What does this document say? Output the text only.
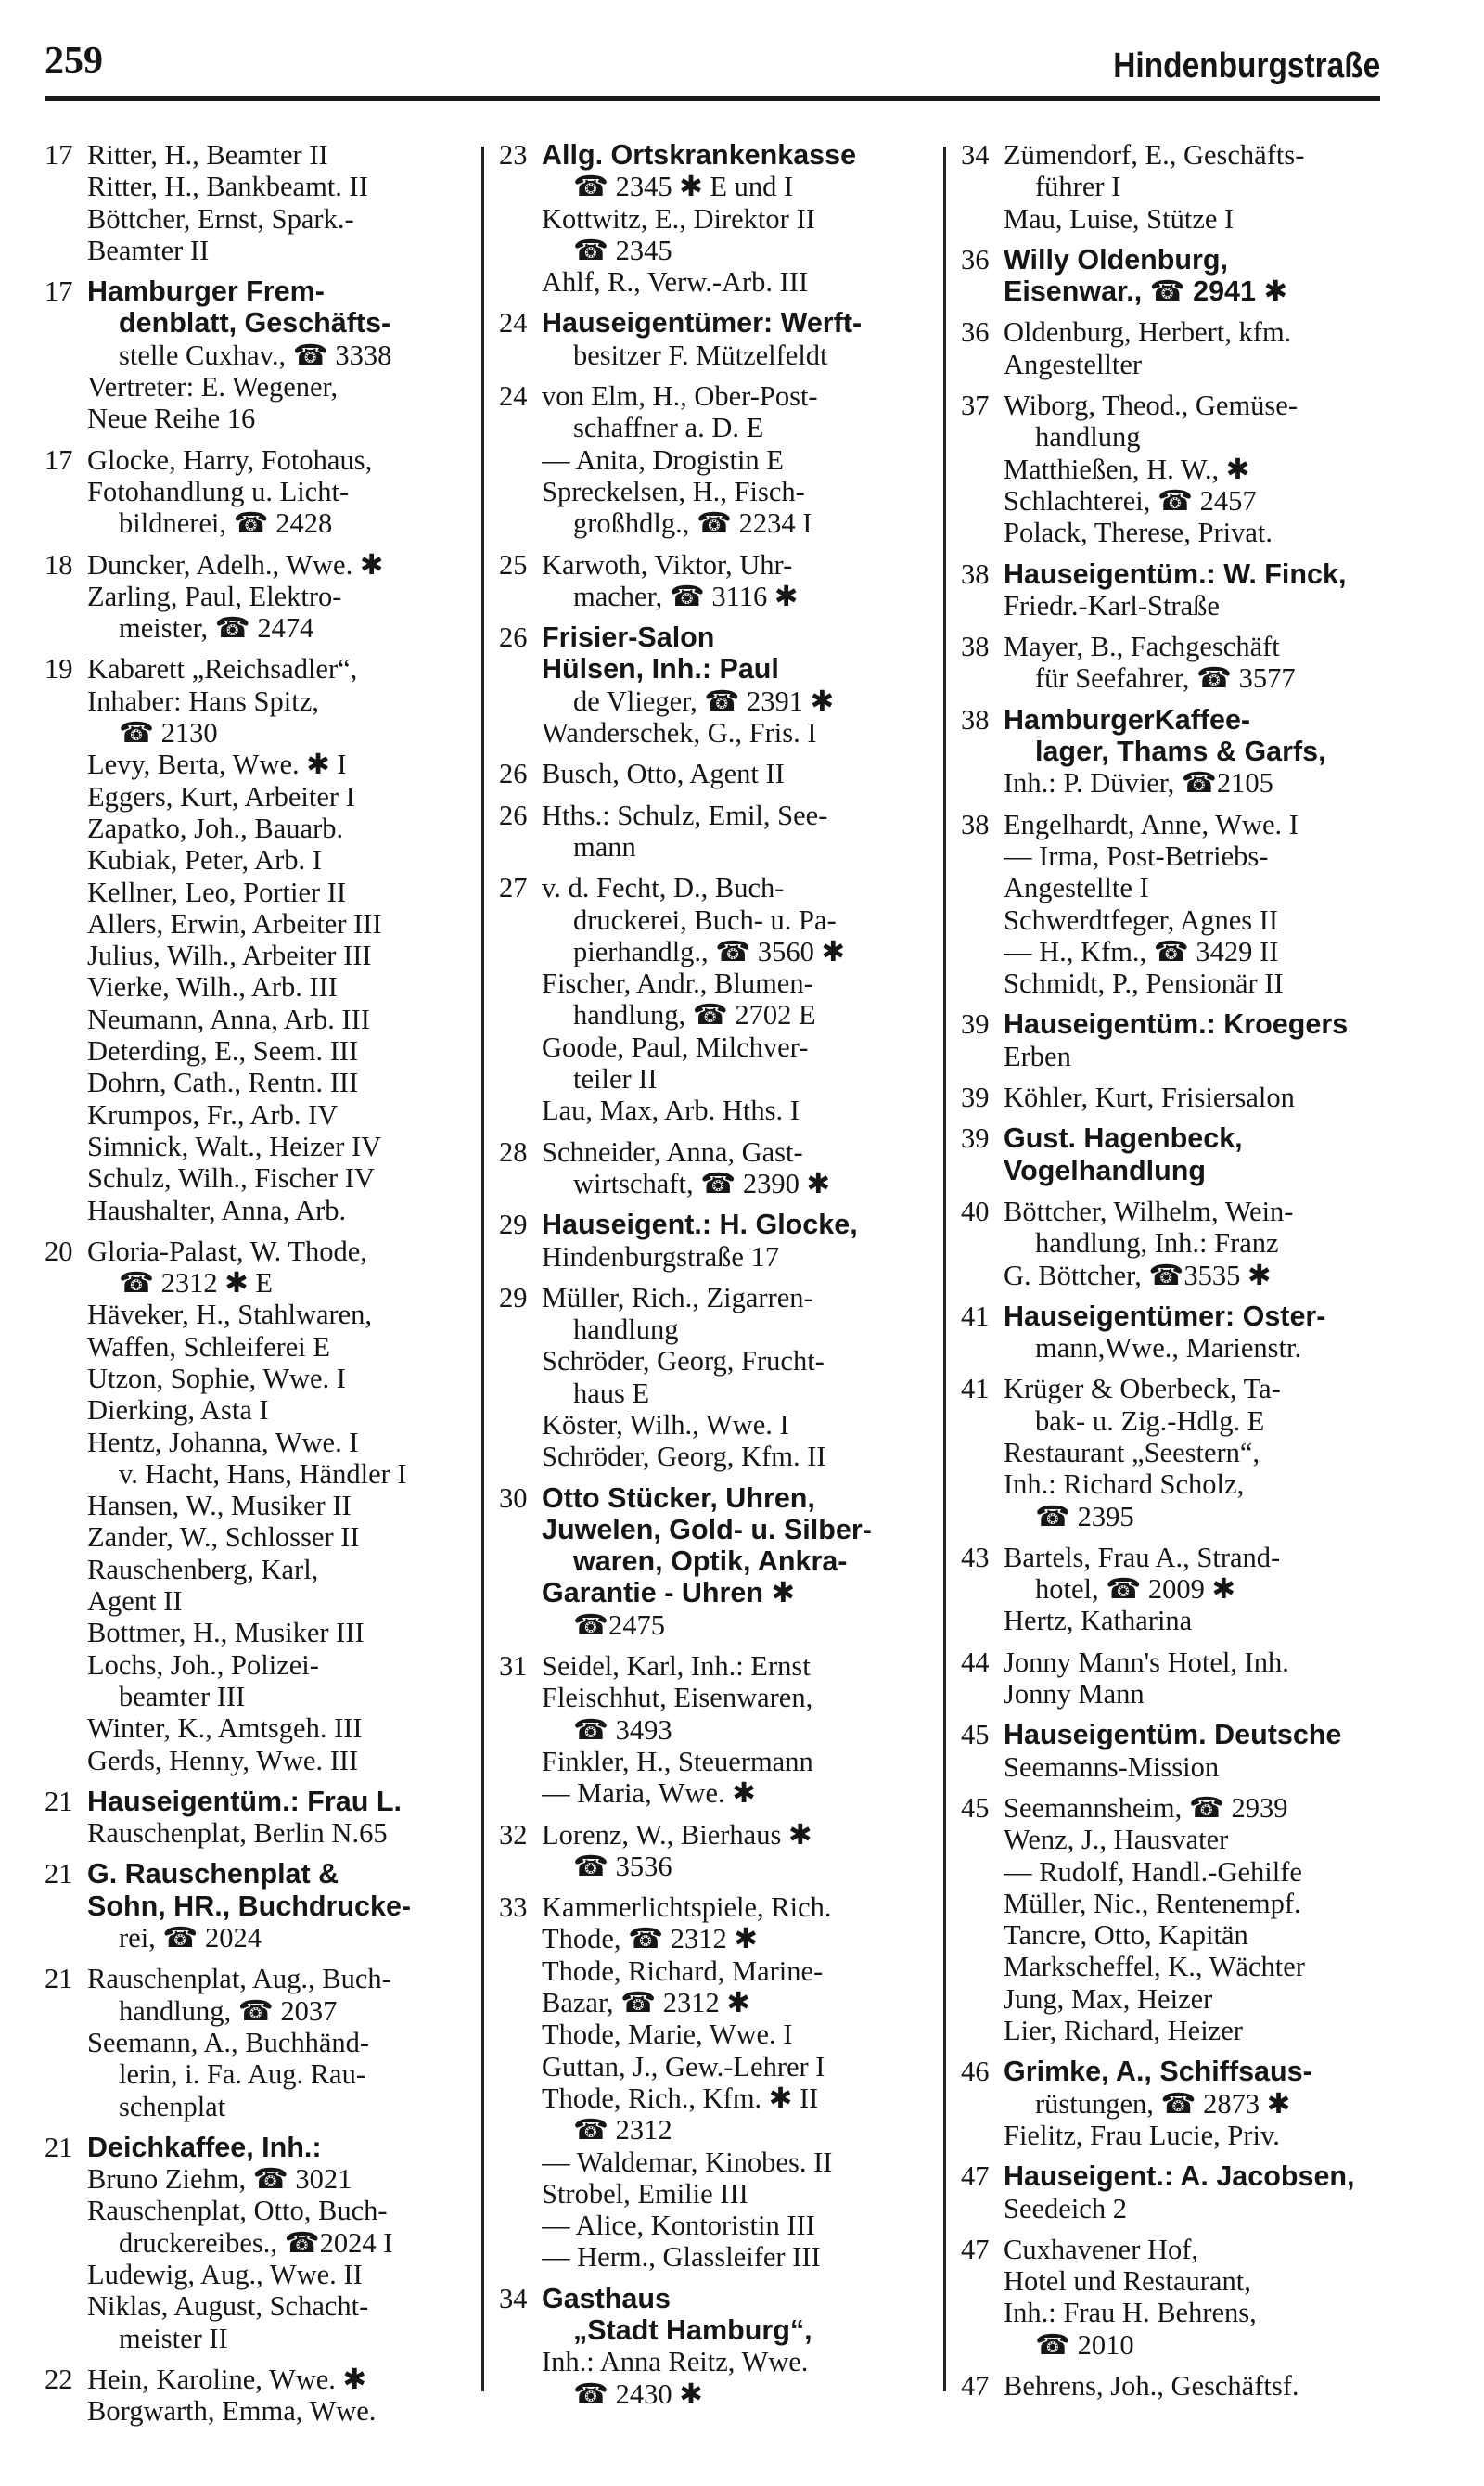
259	Hindenburgstraße
17 Ritter, H., Beamter II
Ritter, H., Bankbeamt. II
Böttcher, Ernst, Spark.-
Beamter II
17 Hamburger Frem-
denblatt, Geschäfts-
stelle Cuxhav., ☎ 3338
Vertreter: E. Wegener,
Neue Reihe 16
17 Glocke, Harry, Fotohaus,
Fotohandlung u. Licht-
bildnerei, ☎ 2428
18 Duncker, Adelh., Wwe. ✱
Zarling, Paul, Elektro-
meister, ☎ 2474
19 Kabarett „Reichsadler“,
Inhaber: Hans Spitz,
☎ 2130
Levy, Berta, Wwe. ✱ I
Eggers, Kurt, Arbeiter I
Zapatko, Joh., Bauarb.
Kubiak, Peter, Arb. I
Kellner, Leo, Portier II
Allers, Erwin, Arbeiter III
Julius, Wilh., Arbeiter III
Vierke, Wilh., Arb. III
Neumann, Anna, Arb. III
Deterding, E., Seem. III
Dohrn, Cath., Rentn. III
Krumpos, Fr., Arb. IV
Simnick, Walt., Heizer IV
Schulz, Wilh., Fischer IV
Haushalter, Anna, Arb.
20 Gloria-Palast, W. Thode,
☎ 2312 ✱ E
Häveker, H., Stahlwaren,
Waffen, Schleiferei E
Utzon, Sophie, Wwe. I
Dierking, Asta I
Hentz, Johanna, Wwe. I
v. Hacht, Hans, Händler I
Hansen, W., Musiker II
Zander, W., Schlosser II
Rauschenberg, Karl,
Agent II
Bottmer, H., Musiker III
Lochs, Joh., Polizei-
beamter III
Winter, K., Amtsgeh. III
Gerds, Henny, Wwe. III
21 Hauseigentüm.: Frau L.
Rauschenplat, Berlin N.65
21 G. Rauschenplat &
Sohn, HR., Buchdrucke-
rei, ☎ 2024
21 Rauschenplat, Aug., Buch-
handlung, ☎ 2037
Seemann, A., Buchhänd-
lerin, i. Fa. Aug. Rau-
schenplat
21 Deichkaffee, Inh.:
Bruno Ziehm, ☎ 3021
Rauschenplat, Otto, Buch-
druckereibes., ☎2024 I
Ludewig, Aug., Wwe. II
Niklas, August, Schacht-
meister II
22 Hein, Karoline, Wwe. ✱
Borgwarth, Emma, Wwe.
23 Allg. Ortskrankenkasse
☎ 2345 ✱ E und I
Kottwitz, E., Direktor II
☎ 2345
Ahlf, R., Verw.-Arb. III
24 Hauseigentümer: Werft-
besitzer F. Mützelfeldt
24 von Elm, H., Ober-Post-
schaffner a. D. E
— Anita, Drogistin E
Spreckelsen, H., Fisch-
großhdlg., ☎ 2234 I
25 Karwoth, Viktor, Uhr-
macher, ☎ 3116 ✱
26 Frisier-Salon
Hülsen, Inh.: Paul
de Vlieger, ☎ 2391 ✱
Wanderschek, G., Fris. I
26 Busch, Otto, Agent II
26 Hths.: Schulz, Emil, See-
mann
27 v. d. Fecht, D., Buch-
druckerei, Buch- u. Pa-
pierhandlg., ☎ 3560 ✱
Fischer, Andr., Blumen-
handlung, ☎ 2702 E
Goode, Paul, Milchver-
teiler II
Lau, Max, Arb. Hths. I
28 Schneider, Anna, Gast-
wirtschaft, ☎ 2390 ✱
29 Hauseigent.: H. Glocke,
Hindenburgstraße 17
29 Müller, Rich., Zigarren-
handlung
Schröder, Georg, Frucht-
haus E
Köster, Wilh., Wwe. I
Schröder, Georg, Kfm. II
30 Otto Stücker, Uhren,
Juwelen, Gold- u. Silber-
waren, Optik, Ankra-
Garantie - Uhren ✱
☎2475
31 Seidel, Karl, Inh.: Ernst
Fleischhut, Eisenwaren,
☎ 3493
Finkler, H., Steuermann
— Maria, Wwe. ✱
32 Lorenz, W., Bierhaus ✱
☎ 3536
33 Kammerlichtspiele, Rich.
Thode, ☎ 2312 ✱
Thode, Richard, Marine-
Bazar, ☎ 2312 ✱
Thode, Marie, Wwe. I
Guttan, J., Gew.-Lehrer I
Thode, Rich., Kfm. ✱ II
☎ 2312
— Waldemar, Kinobes. II
Strobel, Emilie III
— Alice, Kontoristin III
— Herm., Glassleifer III
34 Gasthaus
„Stadt Hamburg“,
Inh.: Anna Reitz, Wwe.
☎ 2430 ✱
34 Zümendorf, E., Geschäfts-
führer I
Mau, Luise, Stütze I
36 Willy Oldenburg,
Eisenwar., ☎ 2941 ✱
36 Oldenburg, Herbert, kfm.
Angestellter
37 Wiborg, Theod., Gemüse-
handlung
Matthießen, H. W., ✱
Schlachterei, ☎ 2457
Polack, Therese, Privat.
38 Hauseigentüm.: W. Finck,
Friedr.-Karl-Straße
38 Mayer, B., Fachgeschäft
für Seefahrer, ☎ 3577
38 HamburgerKaffee-
lager, Thams & Garfs,
Inh.: P. Düvier, ☎2105
38 Engelhardt, Anne, Wwe. I
— Irma, Post-Betriebs-
Angestellte I
Schwerdtfeger, Agnes II
— H., Kfm., ☎ 3429 II
Schmidt, P., Pensionär II
39 Hauseigentüm.: Kroegers
Erben
39 Köhler, Kurt, Frisiersalon
39 Gust. Hagenbeck,
Vogelhandlung
40 Böttcher, Wilhelm, Wein-
handlung, Inh.: Franz
G. Böttcher, ☎3535 ✱
41 Hauseigentümer: Oster-
mann,Wwe., Marienstr.
41 Krüger & Oberbeck, Ta-
bak- u. Zig.-Hdlg. E
Restaurant „Seestern“,
Inh.: Richard Scholz,
☎ 2395
43 Bartels, Frau A., Strand-
hotel, ☎ 2009 ✱
Hertz, Katharina
44 Jonny Mann's Hotel, Inh.
Jonny Mann
45 Hauseigentüm. Deutsche
Seemanns-Mission
45 Seemannsheim, ☎ 2939
Wenz, J., Hausvater
— Rudolf, Handl.-Gehilfe
Müller, Nic., Rentenempf.
Tancre, Otto, Kapitän
Markscheffel, K., Wächter
Jung, Max, Heizer
Lier, Richard, Heizer
46 Grimke, A., Schiffsaus-
rüstungen, ☎ 2873 ✱
Fielitz, Frau Lucie, Priv.
47 Hauseigent.: A. Jacobsen,
Seedeich 2
47 Cuxhavener Hof,
Hotel und Restaurant,
Inh.: Frau H. Behrens,
☎ 2010
47 Behrens, Joh., Geschäftsf.
